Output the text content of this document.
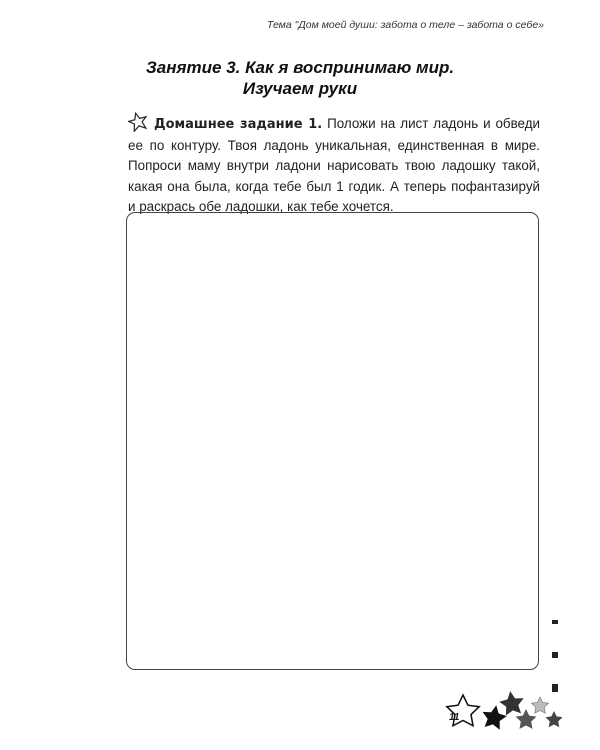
Тема "Дом моей души: забота о теле – забота о себе»
Занятие 3. Как я воспринимаю мир.
Изучаем руки
Домашнее задание 1. Положи на лист ладонь и обведи ее по контуру. Твоя ладонь уникальная, единственная в мире. Попроси маму внутри ладони нарисовать твою ладошку такой, какая она была, когда тебе был 1 годик. А теперь пофантазируй и раскрась обе ладошки, как тебе хочется.
11
